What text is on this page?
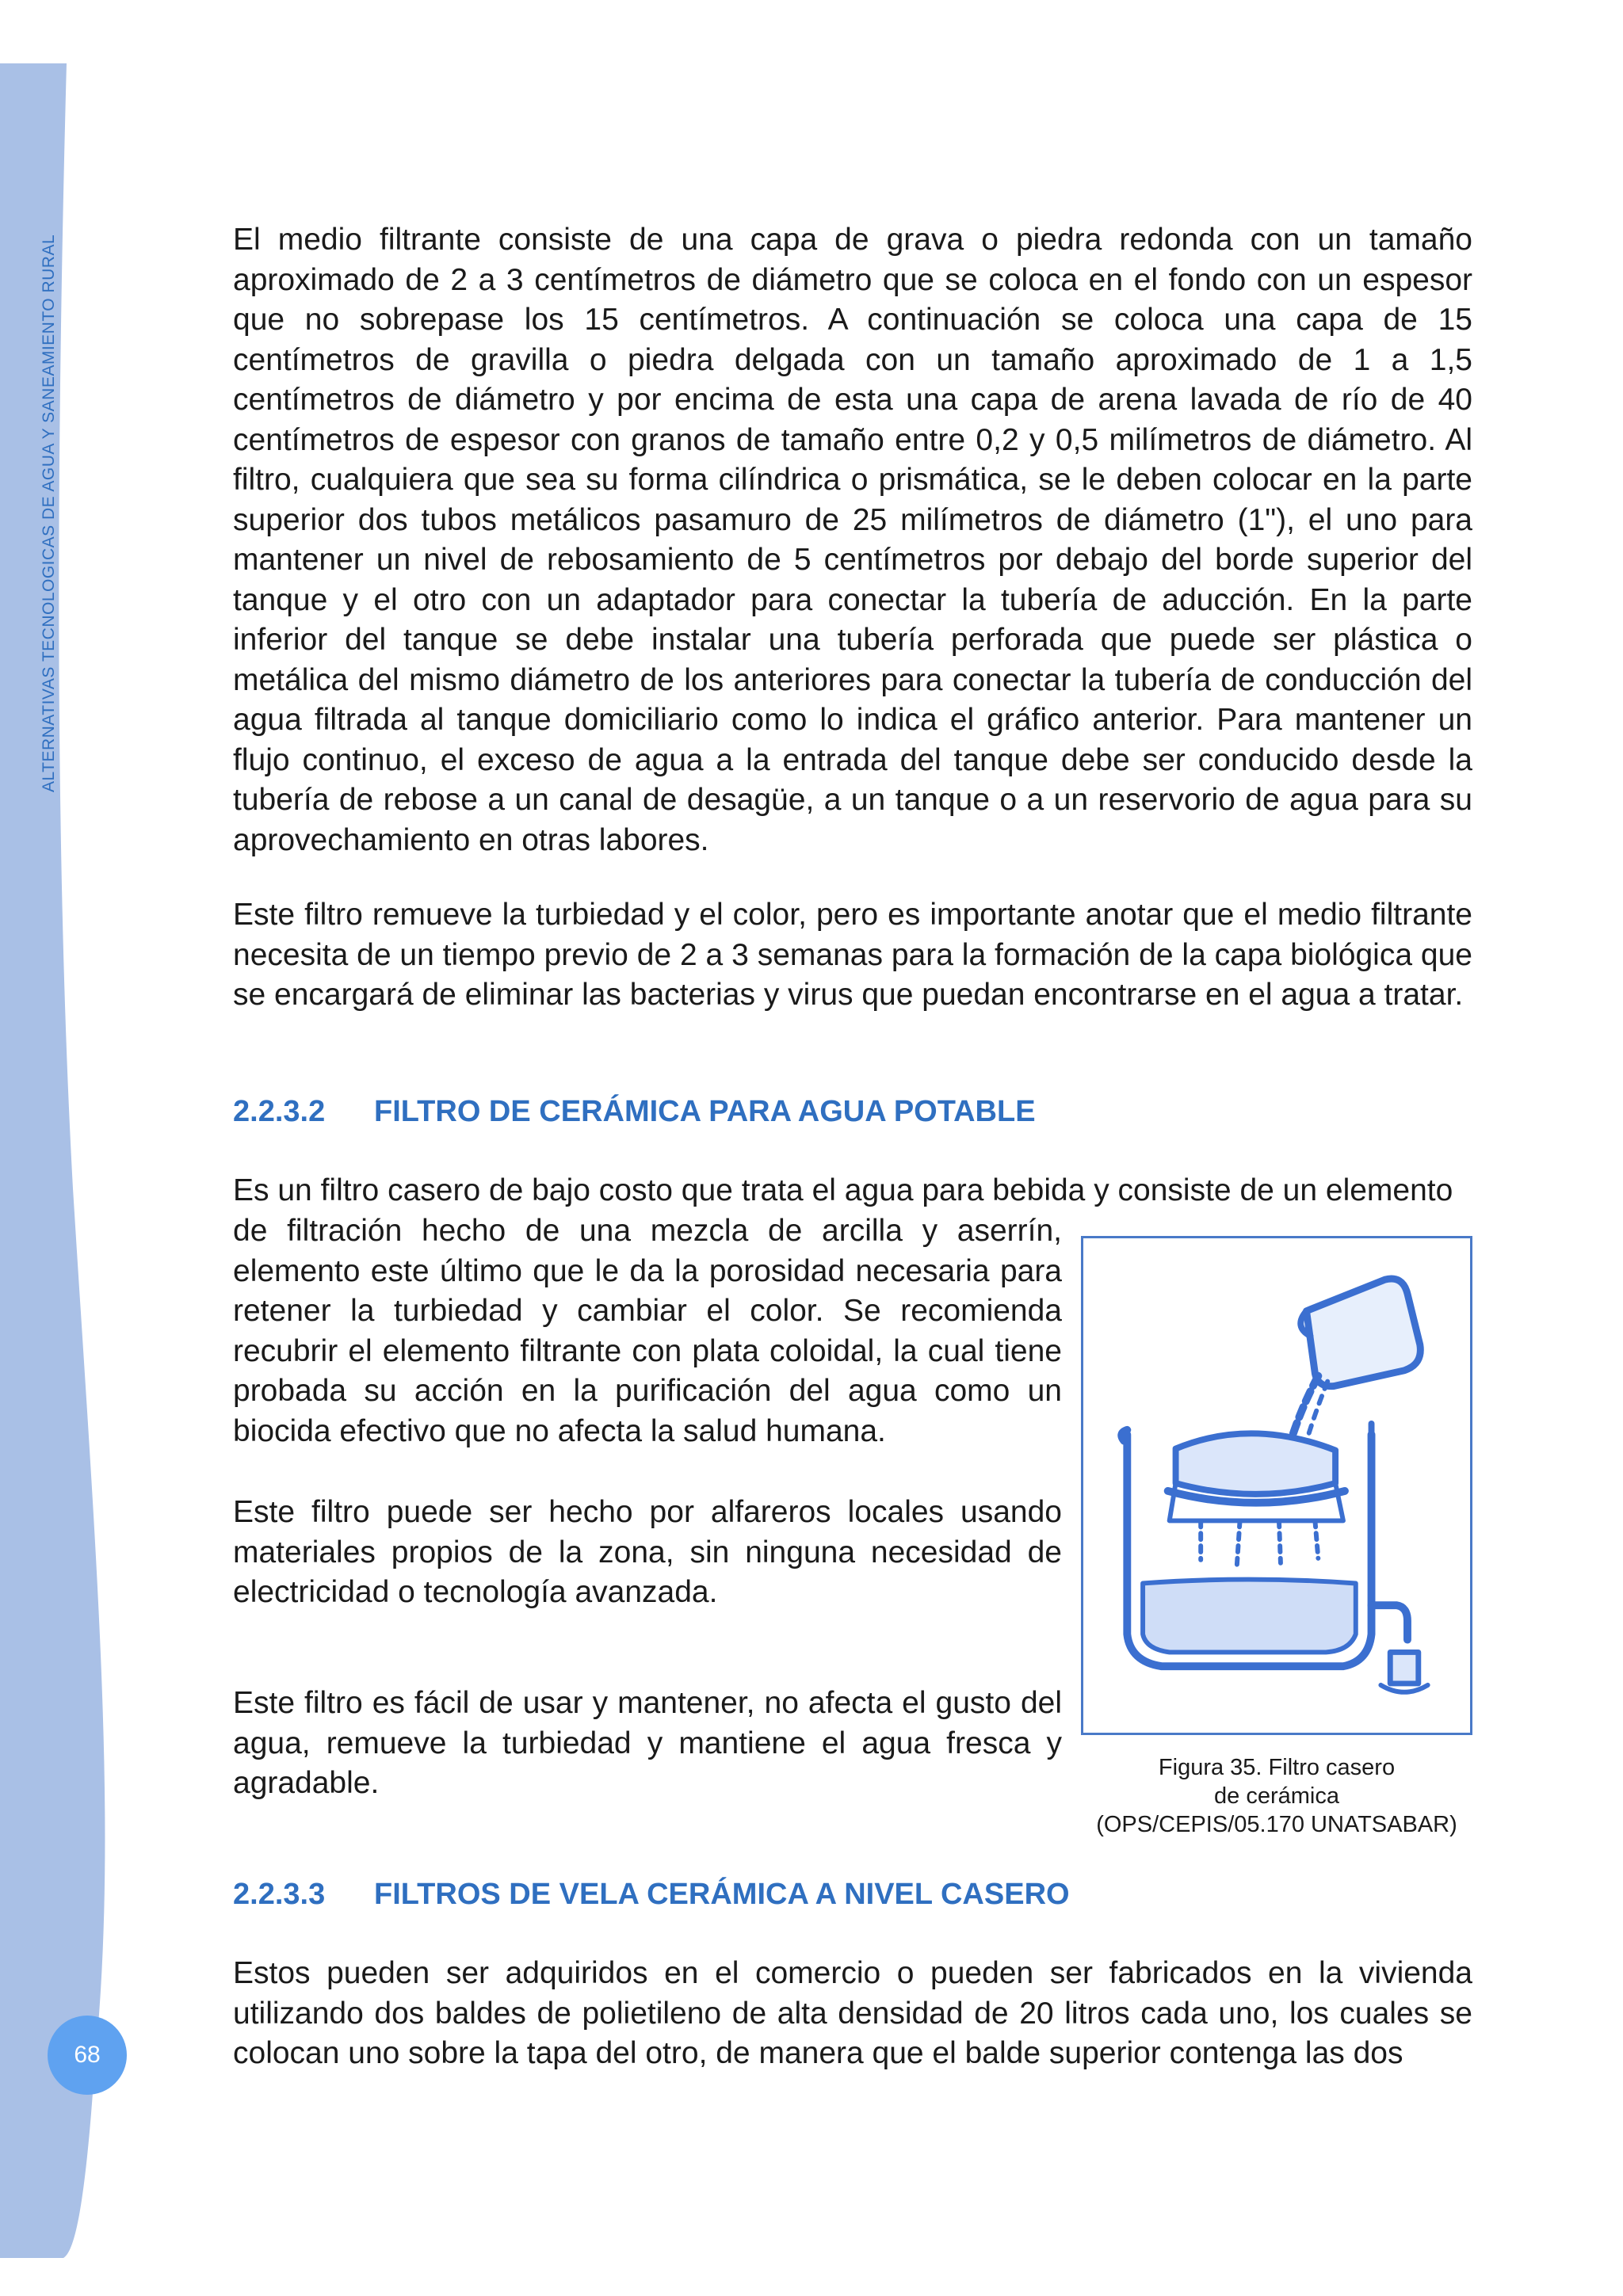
ALTERNATIVAS TECNOLOGICAS DE AGUA Y SANEAMIENTO RURAL
68

El medio filtrante consiste de una capa de grava o piedra redonda con un tamaño aproximado de 2 a 3 centímetros de diámetro que se coloca en el fondo con un espesor que no sobrepase los 15 centímetros. A continuación se coloca una capa de 15 centímetros de gravilla o piedra delgada con un tamaño aproximado de 1 a 1,5 centímetros de diámetro y por encima de esta una capa de arena lavada de río de 40 centímetros de espesor con granos de tamaño entre 0,2 y 0,5 milímetros de diámetro. Al filtro, cualquiera que sea su forma cilíndrica o prismática, se le deben colocar en la parte superior dos tubos metálicos pasamuro de 25 milímetros de diámetro (1"), el uno para mantener un nivel de rebosamiento de 5 centímetros por debajo del borde superior del tanque y el otro con un adaptador para conectar la tubería de aducción. En la parte inferior del tanque se debe instalar una tubería perforada que puede ser plástica o metálica del mismo diámetro de los anteriores para conectar la tubería de conducción del agua filtrada al tanque domiciliario como lo indica el gráfico anterior. Para mantener un flujo continuo, el exceso de agua a la entrada del tanque debe ser conducido desde la tubería de rebose a un canal de desagüe, a un tanque o a un reservorio de agua para su aprovechamiento en otras labores.

Este filtro remueve la turbiedad y el color, pero es importante anotar que el medio filtrante necesita de un tiempo previo de 2 a 3 semanas para la formación de la capa biológica que se encargará de eliminar las bacterias y virus que puedan encontrarse en el agua a tratar.

2.2.3.2 FILTRO DE CERÁMICA PARA AGUA POTABLE

Es un filtro casero de bajo costo que trata el agua para bebida y consiste de un elemento

de filtración hecho de una mezcla de arcilla y aserrín, elemento este último que le da la porosidad necesaria para retener la turbiedad y cambiar el color. Se recomienda recubrir el elemento filtrante con plata coloidal, la cual tiene probada su acción en la purificación del agua como un biocida efectivo que no afecta la salud humana.

Este filtro puede ser hecho por alfareros locales usando materiales propios de la zona, sin ninguna necesidad de electricidad o tecnología avanzada.

Este filtro es fácil de usar y mantener, no afecta el gusto del agua, remueve la turbiedad y mantiene el agua fresca y agradable.	Figura 35. Filtro casero
de cerámica
(OPS/CEPIS/05.170 UNATSABAR)
2.2.3.3 FILTROS DE VELA CERÁMICA A NIVEL CASERO

Estos pueden ser adquiridos en el comercio o pueden ser fabricados en la vivienda utilizando dos baldes de polietileno de alta densidad de 20 litros cada uno, los cuales se colocan uno sobre la tapa del otro, de manera que el balde superior contenga las dos
